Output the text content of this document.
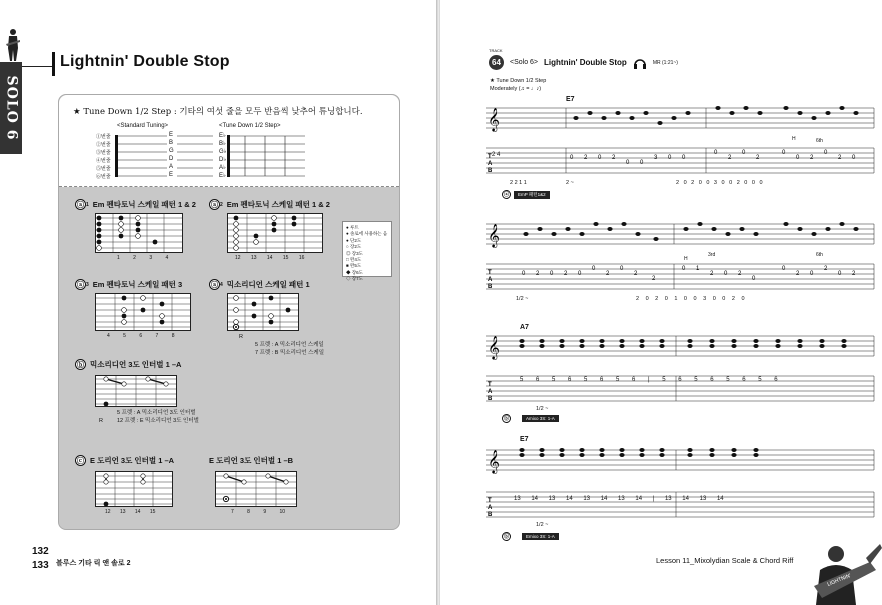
SOLO 6
Lightnin' Double Stop
★ Tune Down 1/2 Step : 기타의 여섯 줄을 모두 반음씩 낮추어 튜닝합니다.
<Standard Tuning>	<Tune Down 1/2 Step>
①번줄
②번줄
③번줄
④번줄
⑤번줄
⑥번줄
E
B
G
D
A
E
E♭
B♭
G♭
D♭
A♭
E♭
ⓐ 1 Em 펜타토닉 스케일 패턴 1 & 2
1	2	3	4
ⓐ 2 Em 펜타토닉 스케일 패턴 1 & 2
12 13 14 15 16
● 루트
● 솔로에 사용하는 음
● 단2도
○ 장2도
◎ 장3도
□ 완4도
■ 완5도
◆ 장6도
◇ 장7도
ⓐ 3 Em 펜타토닉 스케일 패턴 3
4	5	6	7	8
ⓐ 4 믹소리디언 스케일 패턴 1
R
5 프렛 : A 믹소리디언 스케일
7 프렛 : B 믹소리디언 스케일
ⓑ 믹소리디언 3도 인터벌 1 –A
R
5 프렛 : A 믹소리디언 3도 인터벌
12 프렛 : E 믹소리디언 3도 인터벌
ⓒ E 도리언 3도 인터벌 1 –A
12 13 14 15
E 도리언 3도 인터벌 1 –B
7	8	9	10
132
133 블루스 기타 릭 앤 솔로 2
TRACK
64	<Solo 6> Lightnin' Double Stop	MR (1:21~)
★ Tune Down 1/2 Step
Moderately (♫ = ♩♪)
E7
𝄞
T
A
B
0 2 0 2
0 0
3 0 0
0
2
0
2
0
0 2
0
2 0
2 4
H	6th
2 2 1 1	2 ~	2 0 2 0 0 3 0 0 2 0 0 0
ⓐ	EmP 패턴1&2
𝄞
T
A
B
0 2 0 2 0
0
2
0
2
2
0 1
2 0 2
0
0
2 0
2
0 2
H
3rd	6th
1/2 ~	2 0 2 0 1 0 0 3 0 0 2 0
A7
𝄞
T
A
B
5 6 5 6 5 6 5 6 | 5 6 5 6 5 6 5 6
1/2 ~
ⓑ	Amixo 3S: 1-A
E7
𝄞
T
A
B
13 14 13 14 13 14 13 14 | 13 14 13 14
1/2 ~
ⓑ	Emixo 3S: 1-A
Lesson 11_Mixolydian Scale & Chord Riff
LIGHTNIN'
